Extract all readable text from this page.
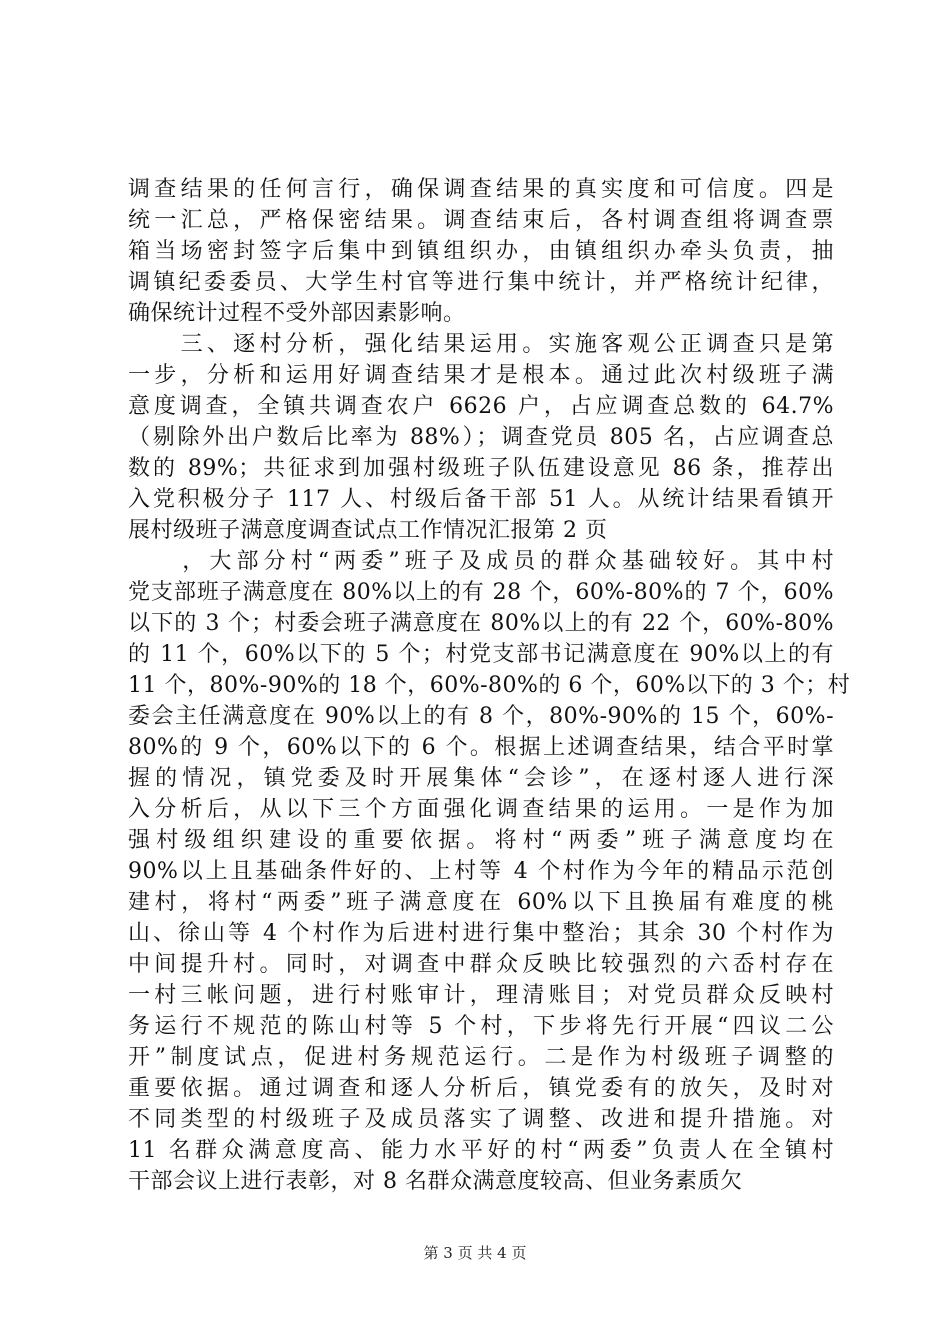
调查结果的任何言行，确保调查结果的真实度和可信度。四是
统一汇总，严格保密结果。调查结束后，各村调查组将调查票
箱当场密封签字后集中到镇组织办，由镇组织办牵头负责，抽
调镇纪委委员、大学生村官等进行集中统计，并严格统计纪律，
确保统计过程不受外部因素影响。
　　三、逐村分析，强化结果运用。实施客观公正调查只是第
一步，分析和运用好调查结果才是根本。通过此次村级班子满
意度调查，全镇共调查农户 6626 户，占应调查总数的 64.7%
（剔除外出户数后比率为 88%）；调查党员 805 名，占应调查总
数的 89%；共征求到加强村级班子队伍建设意见 86 条，推荐出
入党积极分子 117 人、村级后备干部 51 人。从统计结果看镇开
展村级班子满意度调查试点工作情况汇报第 2 页
　　，大部分村“两委”班子及成员的群众基础较好。其中村
党支部班子满意度在 80%以上的有 28 个，60%-80%的 7 个，60%
以下的 3 个；村委会班子满意度在 80%以上的有 22 个，60%-80%
的 11 个，60%以下的 5 个；村党支部书记满意度在 90%以上的有
11 个，80%-90%的 18 个，60%-80%的 6 个，60%以下的 3 个；村
委会主任满意度在 90%以上的有 8 个，80%-90%的 15 个，60%-
80%的 9 个，60%以下的 6 个。根据上述调查结果，结合平时掌
握的情况，镇党委及时开展集体“会诊”，在逐村逐人进行深
入分析后，从以下三个方面强化调查结果的运用。一是作为加
强村级组织建设的重要依据。将村“两委”班子满意度均在
90%以上且基础条件好的、上村等 4 个村作为今年的精品示范创
建村，将村“两委”班子满意度在 60%以下且换届有难度的桃
山、徐山等 4 个村作为后进村进行集中整治；其余 30 个村作为
中间提升村。同时，对调查中群众反映比较强烈的六岙村存在
一村三帐问题，进行村账审计，理清账目；对党员群众反映村
务运行不规范的陈山村等 5 个村，下步将先行开展“四议二公
开”制度试点，促进村务规范运行。二是作为村级班子调整的
重要依据。通过调查和逐人分析后，镇党委有的放矢，及时对
不同类型的村级班子及成员落实了调整、改进和提升措施。对
11 名群众满意度高、能力水平好的村“两委”负责人在全镇村
干部会议上进行表彰，对 8 名群众满意度较高、但业务素质欠
第 3 页 共 4 页
